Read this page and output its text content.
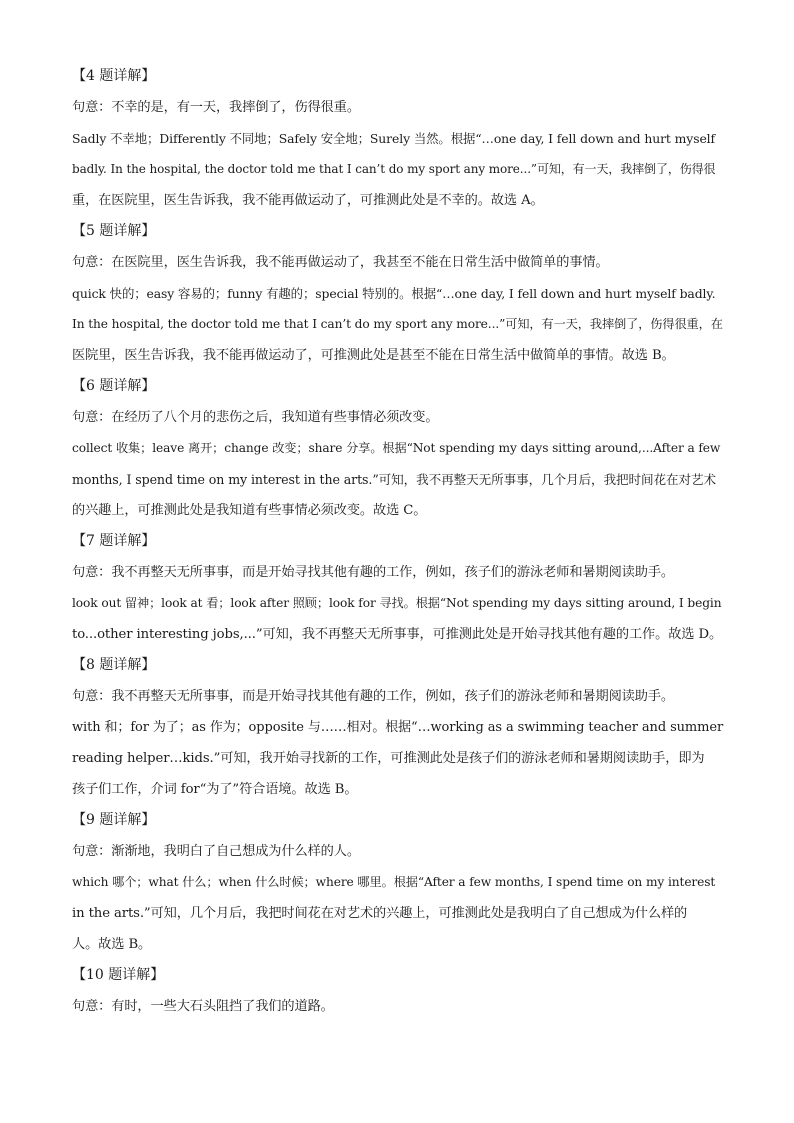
【4 题详解】
句意：不幸的是，有一天，我摔倒了，伤得很重。
Sadly 不幸地；Differently 不同地；Safely 安全地；Surely 当然。根据“…one day, I fell down and hurt myself
badly. In the hospital, the doctor told me that I can’t do my sport any more...”可知，有一天，我摔倒了，伤得很
重，在医院里，医生告诉我，我不能再做运动了，可推测此处是不幸的。故选 A。
【5 题详解】
句意：在医院里，医生告诉我，我不能再做运动了，我甚至不能在日常生活中做简单的事情。
quick 快的；easy 容易的；funny 有趣的；special 特别的。根据“…one day, I fell down and hurt myself badly.
In the hospital, the doctor told me that I can’t do my sport any more...”可知，有一天，我摔倒了，伤得很重，在
医院里，医生告诉我，我不能再做运动了，可推测此处是甚至不能在日常生活中做简单的事情。故选 B。
【6 题详解】
句意：在经历了八个月的悲伤之后，我知道有些事情必须改变。
collect 收集；leave 离开；change 改变；share 分享。根据“Not spending my days sitting around,...After a few
months, I spend time on my interest in the arts.”可知，我不再整天无所事事，几个月后，我把时间花在对艺术
的兴趣上，可推测此处是我知道有些事情必须改变。故选 C。
【7 题详解】
句意：我不再整天无所事事，而是开始寻找其他有趣的工作，例如，孩子们的游泳老师和暑期阅读助手。
look out 留神；look at 看；look after 照顾；look for 寻找。根据“Not spending my days sitting around, I begin
to...other interesting jobs,...”可知，我不再整天无所事事，可推测此处是开始寻找其他有趣的工作。故选 D。
【8 题详解】
句意：我不再整天无所事事，而是开始寻找其他有趣的工作，例如，孩子们的游泳老师和暑期阅读助手。
with 和；for 为了；as 作为；opposite 与……相对。根据“…working as a swimming teacher and summer
reading helper…kids.”可知，我开始寻找新的工作，可推测此处是孩子们的游泳老师和暑期阅读助手，即为
孩子们工作，介词 for“为了”符合语境。故选 B。
【9 题详解】
句意：渐渐地，我明白了自己想成为什么样的人。
which 哪个；what 什么；when 什么时候；where 哪里。根据“After a few months, I spend time on my interest
in the arts.”可知，几个月后，我把时间花在对艺术的兴趣上，可推测此处是我明白了自己想成为什么样的
人。故选 B。
【10 题详解】
句意：有时，一些大石头阻挡了我们的道路。
